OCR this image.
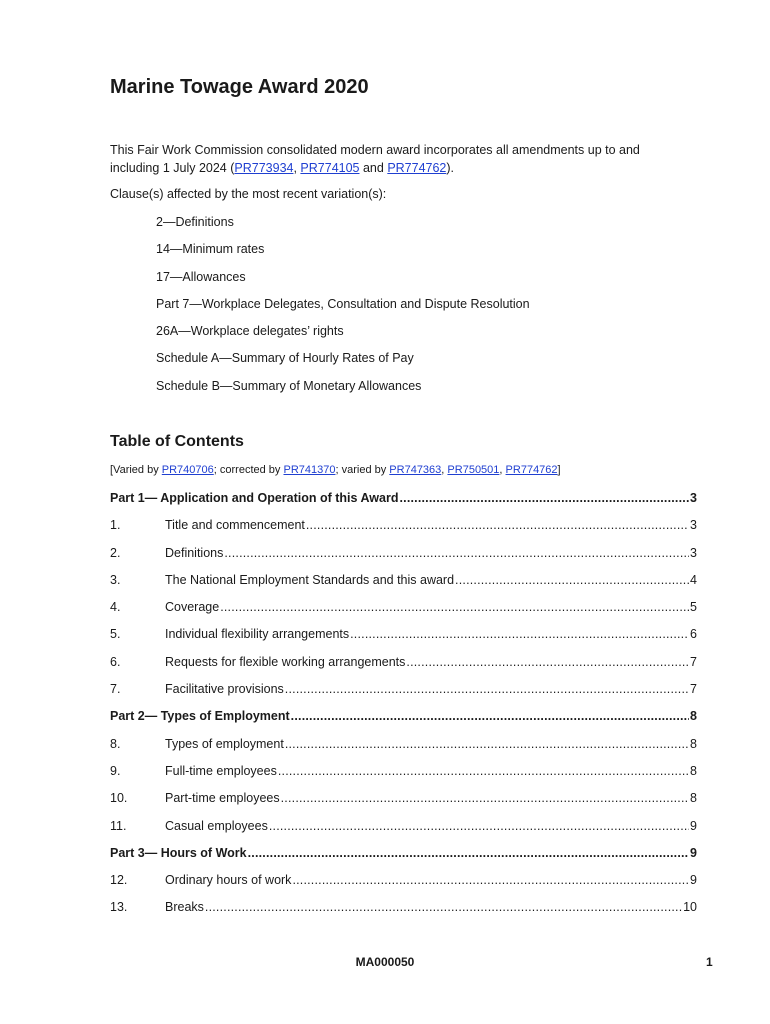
Marine Towage Award 2020

This Fair Work Commission consolidated modern award incorporates all amendments up to and including 1 July 2024 (PR773934, PR774105 and PR774762).

Clause(s) affected by the most recent variation(s):

2—Definitions
14—Minimum rates
17—Allowances
Part 7—Workplace Delegates, Consultation and Dispute Resolution
26A—Workplace delegates’ rights
Schedule A—Summary of Hourly Rates of Pay
Schedule B—Summary of Monetary Allowances
Table of Contents

[Varied by PR740706; corrected by PR741370; varied by PR747363, PR750501, PR774762]

Part 1— Application and Operation of this Award .....	3
1.	Title and commencement .....	3
2.	Definitions .....	3
3.	The National Employment Standards and this award .....	4
4.	Coverage .....	5
5.	Individual flexibility arrangements .....	6
6.	Requests for flexible working arrangements .....	7
7.	Facilitative provisions .....	7
Part 2— Types of Employment .....	8
8.	Types of employment .....	8
9.	Full-time employees .....	8
10.	Part-time employees .....	8
11.	Casual employees .....	9
Part 3— Hours of Work .....	9
12.	Ordinary hours of work .....	9
13.	Breaks .....	10

MA000050	1
